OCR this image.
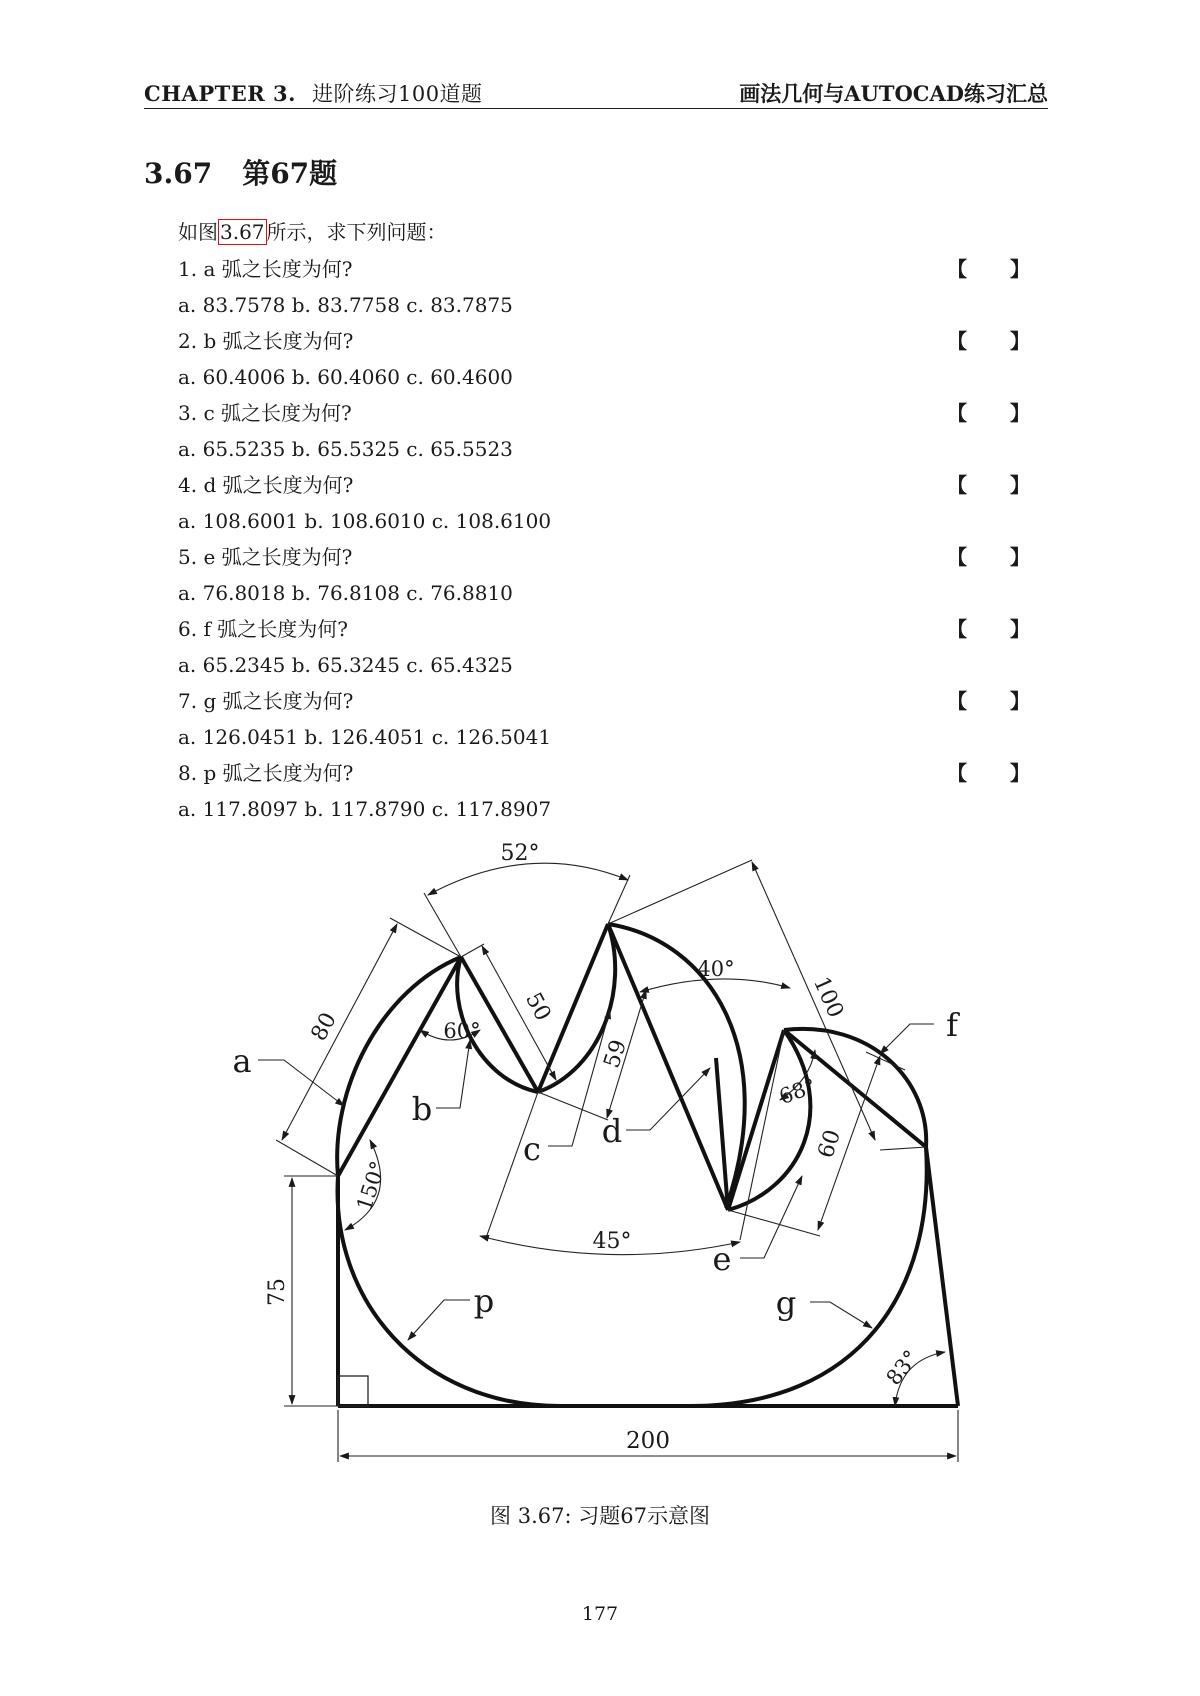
CHAPTER 3. 进阶练习100道题	画法几何与AUTOCAD练习汇总
3.67 第67题
如图 3.67 所示，求下列问题：
1. a 弧之长度为何?	【 】
a. 83.7578 b. 83.7758 c. 83.7875
2. b 弧之长度为何?	【 】
a. 60.4006 b. 60.4060 c. 60.4600
3. c 弧之长度为何?	【 】
a. 65.5235 b. 65.5325 c. 65.5523
4. d 弧之长度为何?	【 】
a. 108.6001 b. 108.6010 c. 108.6100
5. e 弧之长度为何?	【 】
a. 76.8018 b. 76.8108 c. 76.8810
6. f 弧之长度为何?	【 】
a. 65.2345 b. 65.3245 c. 65.4325
7. g 弧之长度为何?	【 】
a. 126.0451 b. 126.4051 c. 126.5041
8. p 弧之长度为何?	【 】
a. 117.8097 b. 117.8790 c. 117.8907
52°
80
50
60°
40°
100
59
68°
60
150°
45°
75
83°
200
a
b
c d
e
f
g
p
图 3.67: 习题67示意图
177
